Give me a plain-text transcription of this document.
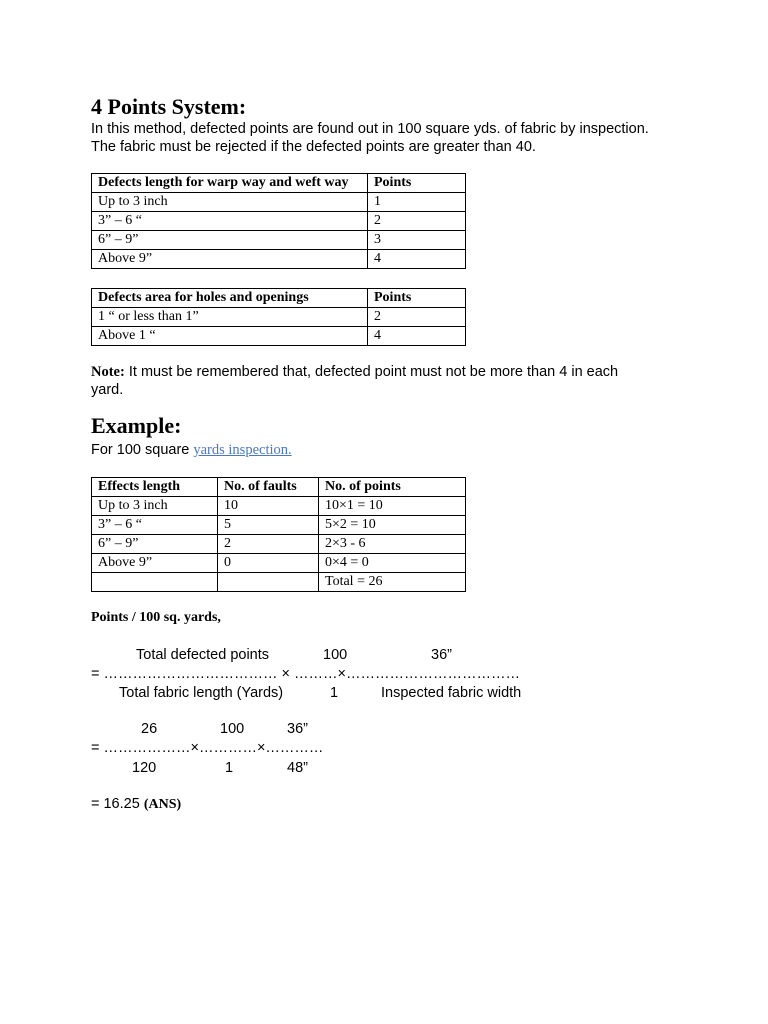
4 Points System:
In this method, defected points are found out in 100 square yds. of fabric by inspection.
The fabric must be rejected if the defected points are greater than 40.
Defects length for warp way and weft way	Points
Up to 3 inch	1
3” – 6 “	2
6” – 9”	3
Above 9”	4
Defects area for holes and openings	Points
1 “ or less than 1”	2
Above 1 “	4
Note: It must be remembered that, defected point must not be more than 4 in each
yard.
Example:
For 100 square yards inspection.
Effects length	No. of faults	No. of points
Up to 3 inch	10	10×1 = 10
3” – 6 “	5	5×2 = 10
6” – 9”	2	2×3 - 6
Above 9”	0	0×4 = 0
		Total = 26
Points / 100 sq. yards,
Total defected points	100	36”
= ……………………………… × ………×………………………………
Total fabric length (Yards)	1	Inspected fabric width
26	100	36”
= ………………×…………×…………
120	1	48”
= 16.25 (ANS)
